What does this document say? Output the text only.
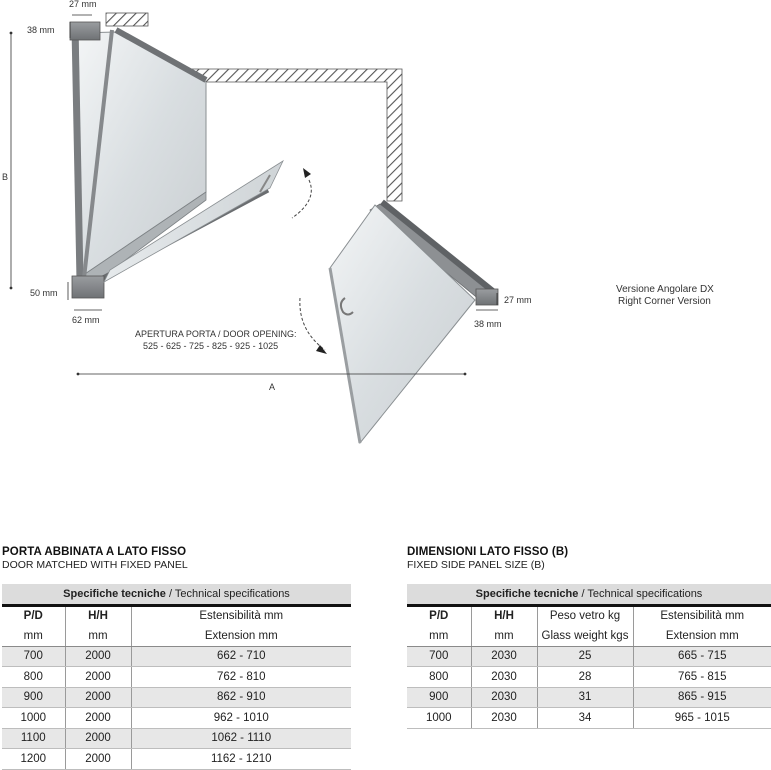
27 mm
38 mm
B
50 mm
62 mm
27 mm
38 mm
APERTURA PORTA / DOOR OPENING:
525 - 625 - 725 - 825 - 925 - 1025
A
Versione Angolare DX
Right Corner Version
PORTA ABBINATA A LATO FISSO
DOOR MATCHED WITH FIXED PANEL
Specifiche tecniche / Technical specifications		
P/D	H/H	Estensibilità mm
mm	mm	Extension mm
700	2000	662 - 710
800	2000	762 - 810
900	2000	862 - 910
1000	2000	962 - 1010
1100	2000	1062 - 1110
1200	2000	1162 - 1210
DIMENSIONI LATO FISSO (B)
FIXED SIDE PANEL SIZE (B)
Specifiche tecniche / Technical specifications			
P/D	H/H	Peso vetro kg	Estensibilità mm
mm	mm	Glass weight kgs	Extension mm
700	2030	25	665 - 715
800	2030	28	765 - 815
900	2030	31	865 - 915
1000	2030	34	965 - 1015
